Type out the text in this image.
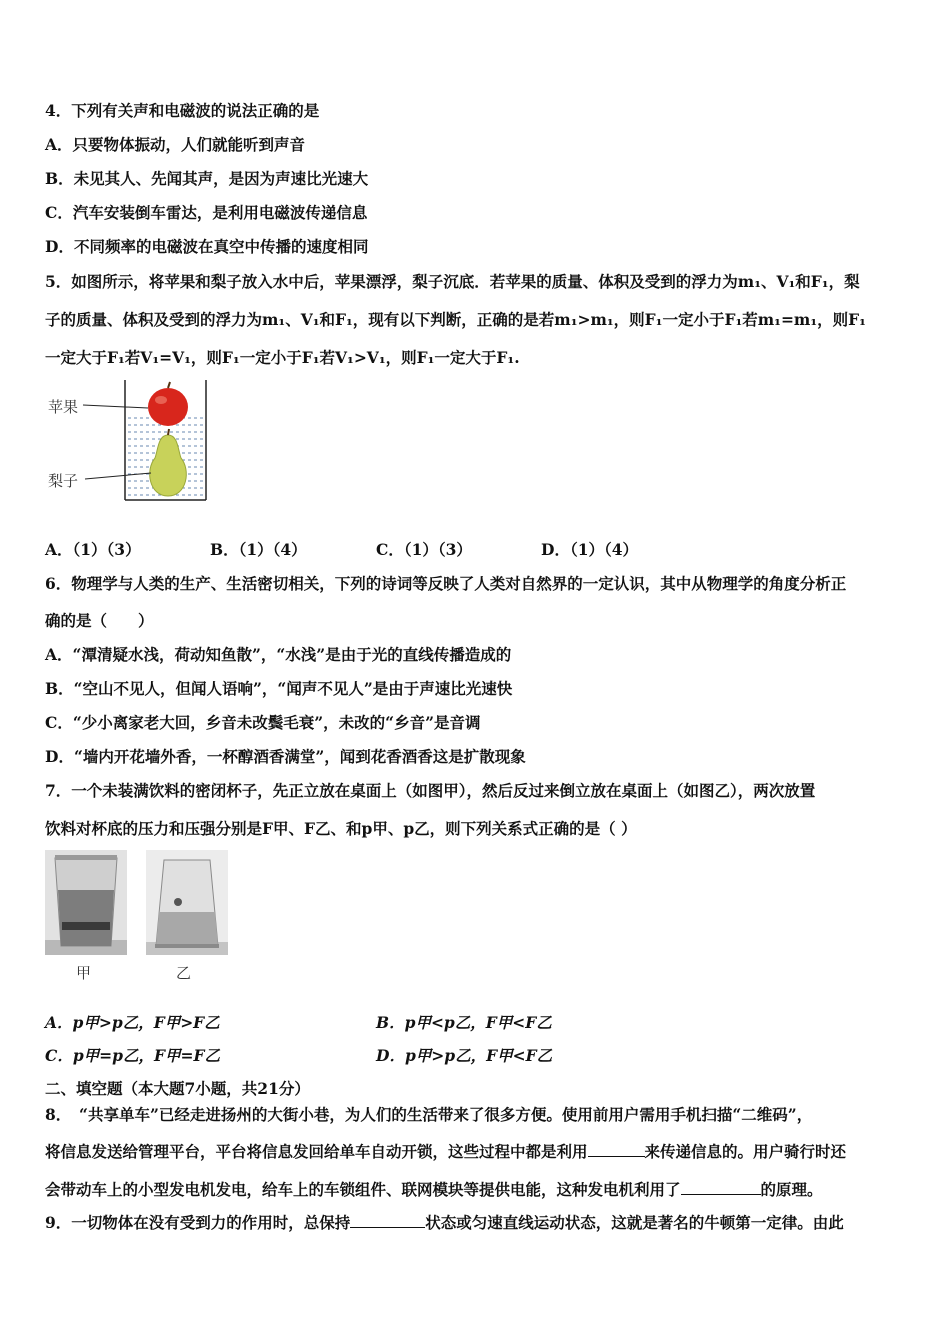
4．下列有关声和电磁波的说法正确的是
A．只要物体振动，人们就能听到声音
B．未见其人、先闻其声，是因为声速比光速大
C．汽车安装倒车雷达，是利用电磁波传递信息
D．不同频率的电磁波在真空中传播的速度相同
5．如图所示，将苹果和梨子放入水中后，苹果漂浮，梨子沉底．若苹果的质量、体积及受到的浮力为m₁、V₁和F₁，梨
子的质量、体积及受到的浮力为m₁、V₁和F₁，现有以下判断，正确的是若m₁>m₁，则F₁一定小于F₁若m₁=m₁，则F₁
一定大于F₁若V₁=V₁，则F₁一定小于F₁若V₁>V₁，则F₁一定大于F₁.
苹果
梨子
A．（1）（3）	B．（1）（4）	C．（1）（3）	D．（1）（4）
6．物理学与人类的生产、生活密切相关，下列的诗词等反映了人类对自然界的一定认识，其中从物理学的角度分析正
确的是（　　）
A．“潭清疑水浅，荷动知鱼散”，“水浅”是由于光的直线传播造成的
B．“空山不见人，但闻人语响”，“闻声不见人”是由于声速比光速快
C．“少小离家老大回，乡音未改鬓毛衰”，未改的“乡音”是音调
D．“墙内开花墙外香，一杯醇酒香满堂”，闻到花香酒香这是扩散现象
7．一个未装满饮料的密闭杯子，先正立放在桌面上（如图甲），然后反过来倒立放在桌面上（如图乙），两次放置
饮料对杯底的压力和压强分别是F甲、F乙、和p甲、p乙，则下列关系式正确的是（ ）
甲	乙
A．p甲>p乙，F甲>F乙	B．p甲<p乙，F甲<F乙
C．p甲=p乙，F甲=F乙	D．p甲>p乙，F甲<F乙
二、填空题（本大题7小题，共21分）
8．　“共享单车”已经走进扬州的大街小巷，为人们的生活带来了很多方便。使用前用户需用手机扫描“二维码”，
将信息发送给管理平台，平台将信息发回给单车自动开锁，这些过程中都是利用	来传递信息的。用户骑行时还
会带动车上的小型发电机发电，给车上的车锁组件、联网模块等提供电能，这种发电机利用了	的原理。
9．一切物体在没有受到力的作用时，总保持	状态或匀速直线运动状态，这就是著名的牛顿第一定律。由此
